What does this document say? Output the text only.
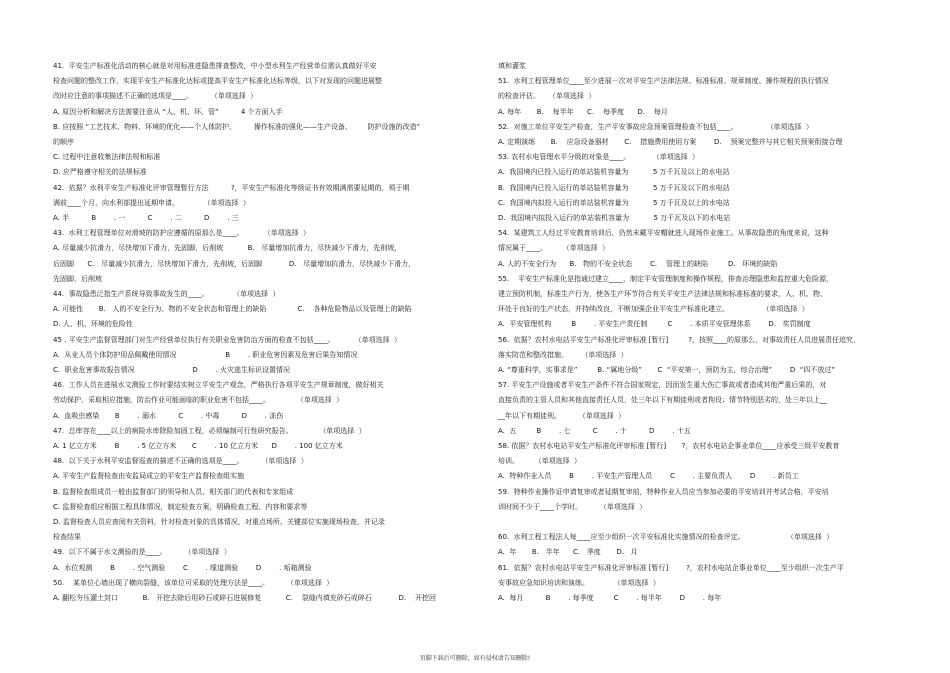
41.  平安生产标准化活动的核心就是对用标准进隐患排查整改，中小型水利生产经营单位需认真做好平安
检查问题的整改工作，实现平安生产标准化达标或提高平安生产标准化达标等级，以下对发现的问题进展整
改时应注意的事项描述不正确的选项是____。        （单项选择  ）
A. 原因分析和解决方法需要注意从 “人、机、环、管”          4 个方面入手
B. 应按照 “工艺技术、物料、环境的优化——个人体防护、        操作标准的强化——生产设备、       防护设施的改造”
的顺序
C. 过程中注意收集法律法规和标准
D. 应严格遵守相关的法规标准
42.  依据？水利平安生产标准化评审管理暂行方法          ?，平安生产标准化等级证书有效期满需要延期的，须于期
满前____个月，向水利部提出延期申请。           （单项选择  ）
A. 半          B        . 一          C        . 二          D        . 三
43.  水利工程管理单位对滑坡的防护应遵循的原那么是____。         （单项选择  ）
A. 尽量减少抗滑力，尽快增加下滑力，先固脚，后削坡           B.   尽量增加抗滑力，尽快减少下滑力，先削坡，
后固脚      C.   尽量减少抗滑力，尽快增加下滑力，先削坡，后固脚            D.   尽量增加抗滑力，尽快减少下滑力，
先固脚，后削坡
44.  事故隐患泛指生产系统导致事故发生的____。           （单项选择  ）
A. 可能性       B.   人的不安全行为、物的不安全状态和管理上的缺陷              C.    各种危险物品以及管理上的缺陷
D. 人、机、环境的危险性
45 . 平安生产监督管理部门对生产经营单位执行有关职业危害防治方面的检查不包括____。         （单项选择  ）
A.  从业人员个体防护用品佩戴使用情况                      B        . 职业危害因素及危害后果告知情况
C.  职业危害事故报告情况                          D        . 火灾逃生标识设置情况
46.  工作人员在进展水文测验工作时要结实树立平安生产观念，严格执行各项平安生产规章制度，做好相关
劳动保护，采取相应措施，防治作业可能面临的职业危害不包括____。            （单项选择  ）
A.  血吸虫感染       B        . 溺水          C        . 中毒          D        . 冻伤
47.  总库容在____以上的病险水库除险加固工程，必须编制可行性研究报告。            （单项选择  ）
A. 1 亿立方米        B        . 5 亿立方米       C        . 10 亿立方米      D        . 100 亿立方米
48.  以下关于水利平安监督巡查的描述不正确的选项是____。        （单项选择  ）
A. 平安生产监督检查由安监局成立的平安生产监督检查组实施
B. 监督检查组成员一般由监督部门的领导和人员、相关部门的代表和专家组成
C. 监督检查组应根据工程具体情况，制定检查方案，明确检查工程、内容和要求等
D. 监督检查人员应查阅有关资料，针对检查对象的具体情况，对重点场所、关键部位实施现场检查，并记录
检查结果
49.  以下不属于水文测验的是____。        （单项选择  ）
A.  水位观测        B        . 空气测验        C        . 缆道测验        D        . 垢箱测验
50.    某单位心墙出现了横向裂缝，该单位可采取的处理方法是____。        （单项选择  ）
A. 翻松夯压灌土封口           B.   开挖去除后用砂石或碎石进展修复           C.    裂缝内填充砂石或碎石            D.    开挖回
填和灌浆
51.  水利工程管理单位____至少进展一次对平安生产法律法规、标准标准、规章制度、操作规程的执行情况
的检查评估。    （单项选择  ）
A. 每年       B.    每半年      C.    每季度      D.    每月
52.  对施工单位平安生产检查，生产平安事故应急预案管理检查不包括____。             （单项选择  ）
A. 定期演练       B.    应急设备器材       C.    措施费用使用方案        D.    预案完整并与其它相关预案衔接合理
53. 农村水电管理水平分级的对象是____。          （单项选择  ）
A.  我国境内已投入运行的单站装机容量为           5 万千瓦及以上的水电站
B.  我国境内已投入运行的单站装机容量为           5 万千瓦及以下的水电站
C.  我国境内拟投入运行的单站装机容量为           5 万千瓦及以上的水电站
D.  我国境内拟投入运行的单站装机容量为           5 万千瓦及以下的水电站
54.  某建筑工人经过平安教育培训后，仍然未戴平安帽就进入现场作业施工。从事故隐患的角度来说，这种
情况属于____。       （单项选择  ）
A. 人的不安全行为      B.   物的不安全状态        C.    管理上的缺陷         D.   环境的缺陷
55.    平安生产标准化是指通过建立____，制定平安管理制度和操作规程，排查治理隐患和监控重大危险源，
建立预防机制，标准生产行为，使各生产环节符合有关平安生产法律法规和标准标准的要求，人、机、物、
环处于良好的生产状态，并持续改良，不断加强企业平安生产标准化建立。               （单项选择  ）
A.  平安管理机构         B        . 平安生产责任制         C        . 本质平安管理体系        D.   奖罚制度
56.  依据？农村水电站平安生产标准化评审标准 [暂行]         ?，按照____的原那么，对事故责任人员进展责任追究，
落实防范和整改措施。      （单项选择  ）
A. “尊重科学，实事求是”         B. “属地分级”       C  “平安第一，预防为主，综合治理”        D  “四不放过”
57. 平安生产设施或者平安生产条件不符合国家规定，因而发生重大伤亡事故或者造成其他严重后果的，对
直接负责的主管人员和其他直接责任人员，处三年以下有期徒刑或者拘役；情节特别恶劣的，处三年以上__
__年以下有期徒刑。        （单项选择  ）
A.  五         B        . 七          C        . 十          D        . 十五
58. 依据？农村水电站平安生产标准化评审标准 [暂行]       ?，农村水电站企事业单位____应承受三级平安教育
培训。       （单项选择  ）
A.  特种作业人员        B        . 平安生产管理人员        C        . 主要负责人        D        . 新员工
59.  特种作业操作证申请复审或者延期复审前，特种作业人员应当参加必要的平安培训并考试合格，平安培
训时间不少于____个学时。        （单项选择  ）
60.  水利工程工程法人每____应至少组织一次平安标准化实施情况的检查评定。                   （单项选择  ）
A.  年       B.   半年      C.   季度       D.   月
61.  依据？农村水电站平安生产标准化评审标准 [暂行]        ?，农村水电站企事业单位____至少组织一次生产平
安事故应急知识培训和演练。           （单项选择  ）
A.  每月          B        . 每季度         C        . 每半年        D        . 每年
页脚下载后可删除，如有侵权请告知删除!
